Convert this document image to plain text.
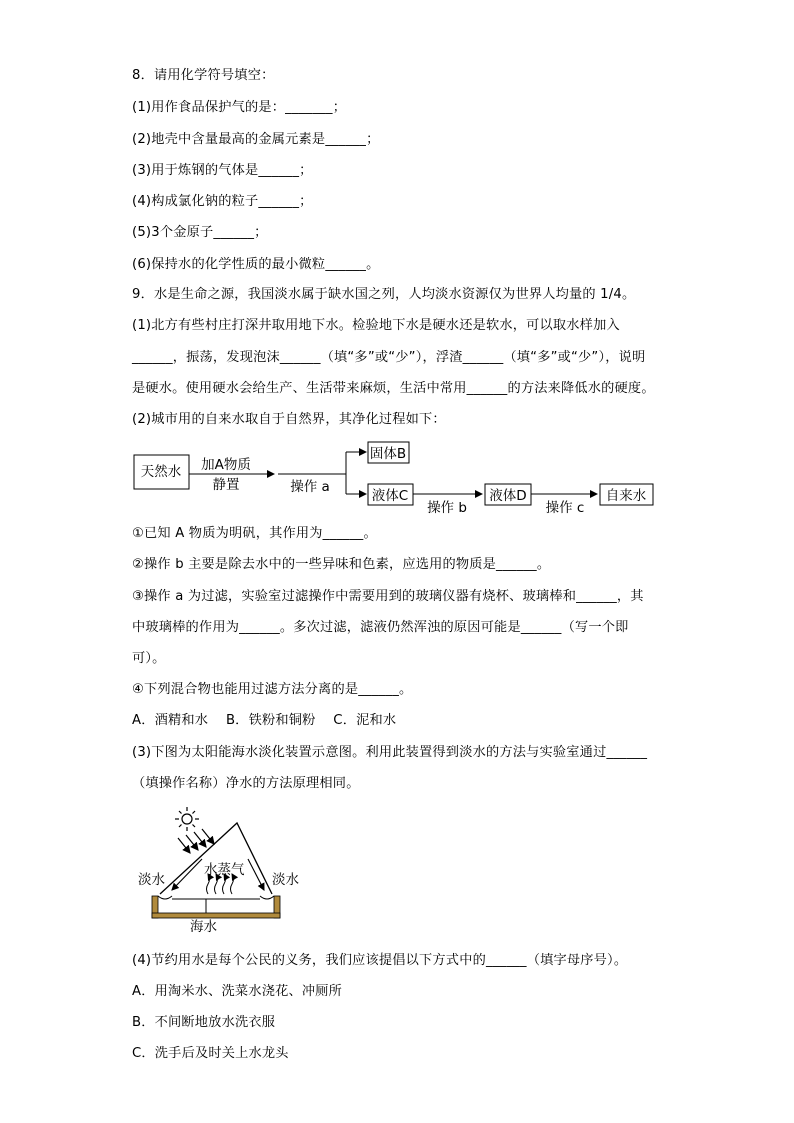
8．请用化学符号填空：
(1)用作食品保护气的是：_______；
(2)地壳中含量最高的金属元素是______；
(3)用于炼钢的气体是______；
(4)构成氯化钠的粒子______；
(5)3个金原子______；
(6)保持水的化学性质的最小微粒______。
9．水是生命之源，我国淡水属于缺水国之列，人均淡水资源仅为世界人均量的 1/4。
(1)北方有些村庄打深井取用地下水。检验地下水是硬水还是软水，可以取水样加入
______，振荡，发现泡沫______（填“多”或“少”），浮渣______（填“多”或“少”），说明
是硬水。使用硬水会给生产、生活带来麻烦，生活中常用______的方法来降低水的硬度。
(2)城市用的自来水取自于自然界，其净化过程如下：
天然水 加A物质
静置	操作 a
固体B
液体C
操作 b
液体D
操作 c
自来水
①已知 A 物质为明矾，其作用为______。
②操作 b 主要是除去水中的一些异味和色素，应选用的物质是______。
③操作 a 为过滤，实验室过滤操作中需要用到的玻璃仪器有烧杯、玻璃棒和______，其
中玻璃棒的作用为______。多次过滤，滤液仍然浑浊的原因可能是______（写一个即
可）。
④下列混合物也能用过滤方法分离的是______。
A．酒精和水　 B．铁粉和铜粉　 C．泥和水
(3)下图为太阳能海水淡化装置示意图。利用此装置得到淡水的方法与实验室通过______
（填操作名称）净水的方法原理相同。
水蒸气
淡水	淡水
海水
(4)节约用水是每个公民的义务，我们应该提倡以下方式中的______（填字母序号）。
A．用淘米水、洗菜水浇花、冲厕所
B．不间断地放水洗衣服
C．洗手后及时关上水龙头
